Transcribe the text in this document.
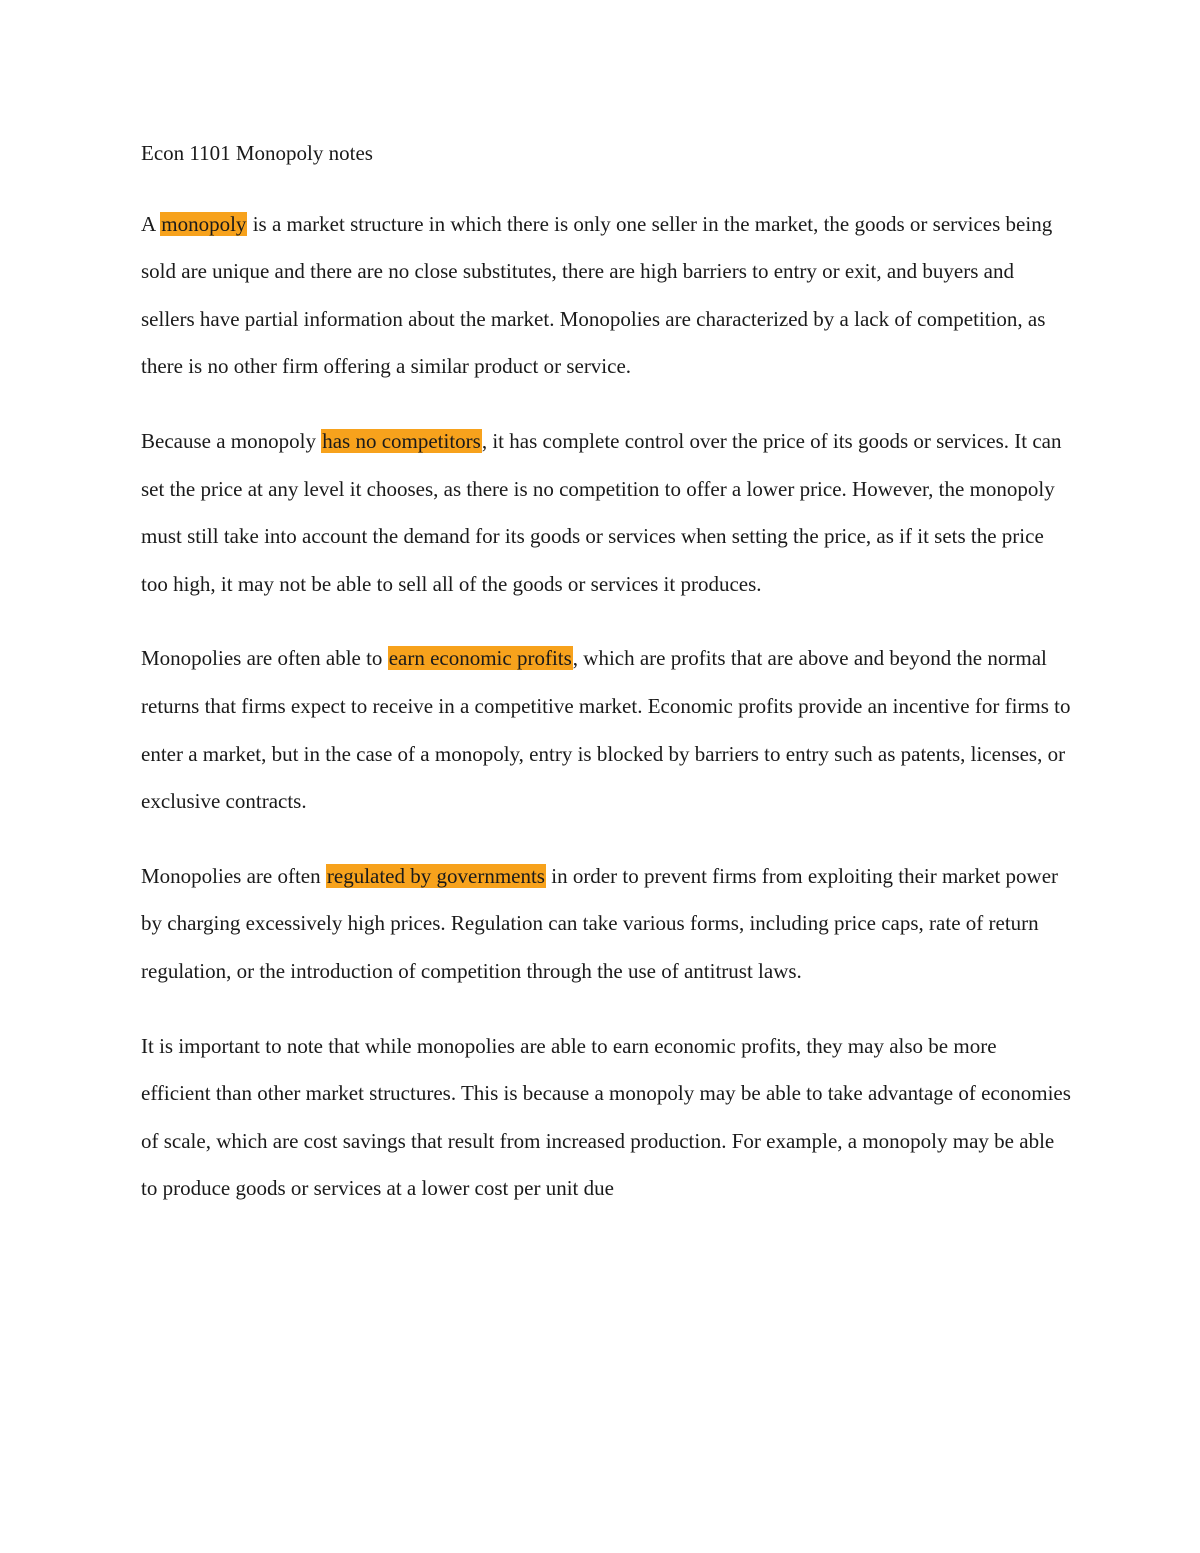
Econ 1101 Monopoly notes

A monopoly is a market structure in which there is only one seller in the market, the goods or services being sold are unique and there are no close substitutes, there are high barriers to entry or exit, and buyers and sellers have partial information about the market. Monopolies are characterized by a lack of competition, as there is no other firm offering a similar product or service.

Because a monopoly has no competitors, it has complete control over the price of its goods or services. It can set the price at any level it chooses, as there is no competition to offer a lower price. However, the monopoly must still take into account the demand for its goods or services when setting the price, as if it sets the price too high, it may not be able to sell all of the goods or services it produces.

Monopolies are often able to earn economic profits, which are profits that are above and beyond the normal returns that firms expect to receive in a competitive market. Economic profits provide an incentive for firms to enter a market, but in the case of a monopoly, entry is blocked by barriers to entry such as patents, licenses, or exclusive contracts.

Monopolies are often regulated by governments in order to prevent firms from exploiting their market power by charging excessively high prices. Regulation can take various forms, including price caps, rate of return regulation, or the introduction of competition through the use of antitrust laws.

It is important to note that while monopolies are able to earn economic profits, they may also be more efficient than other market structures. This is because a monopoly may be able to take advantage of economies of scale, which are cost savings that result from increased production. For example, a monopoly may be able to produce goods or services at a lower cost per unit due
